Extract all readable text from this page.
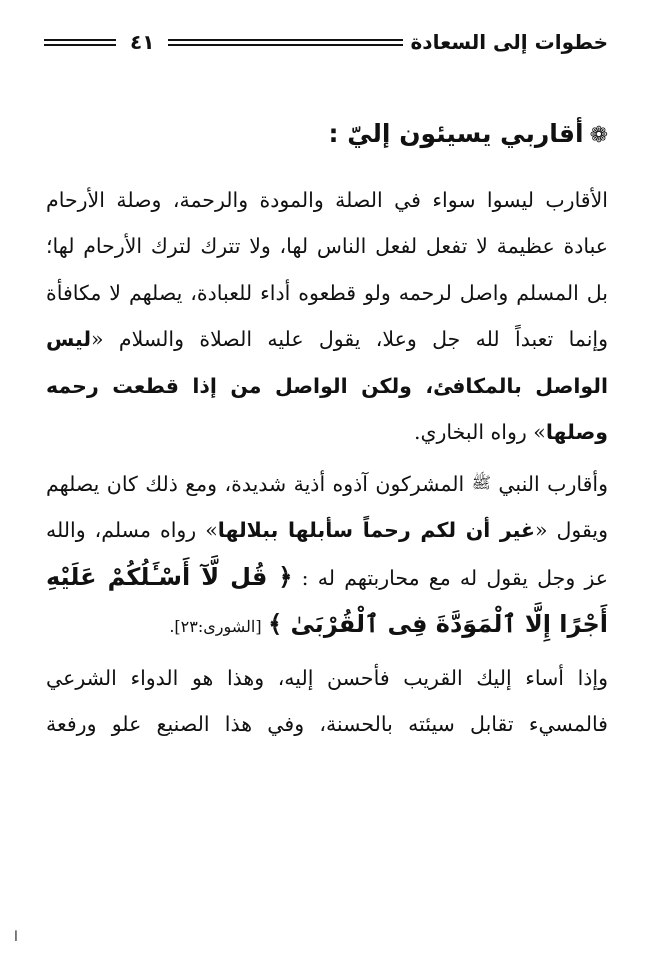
خطوات إلى السعادة
٤١
❁أقاربي يسيئون إليّ :

الأقارب ليسوا سواء في الصلة والمودة والرحمة، وصلة الأرحام عبادة عظيمة لا تفعل لفعل الناس لها، ولا تترك لترك الأرحام لها؛ بل المسلم واصل لرحمه ولو قطعوه أداء للعبادة، يصلهم لا مكافأة وإنما تعبداً لله جل وعلا، يقول عليه الصلاة والسلام «ليس الواصل بالمكافئ، ولكن الواصل من إذا قطعت رحمه وصلها» رواه البخاري.

وأقارب النبي ﷺ المشركون آذوه أذية شديدة، ومع ذلك كان يصلهم ويقول «غير أن لكم رحماً سأبلها ببلالها» رواه مسلم، والله عز وجل يقول له مع محاربتهم له : ﴿ قُل لَّآ أَسْـَٔلُكُمْ عَلَيْهِ أَجْرًا إِلَّا ٱلْمَوَدَّةَ فِى ٱلْقُرْبَىٰ ﴾ [الشورى:٢٣].

وإذا أساء إليك القريب فأحسن إليه، وهذا هو الدواء الشرعي فالمسيء تقابل سيئته بالحسنة، وفي هذا الصنيع علو ورفعة

ا
